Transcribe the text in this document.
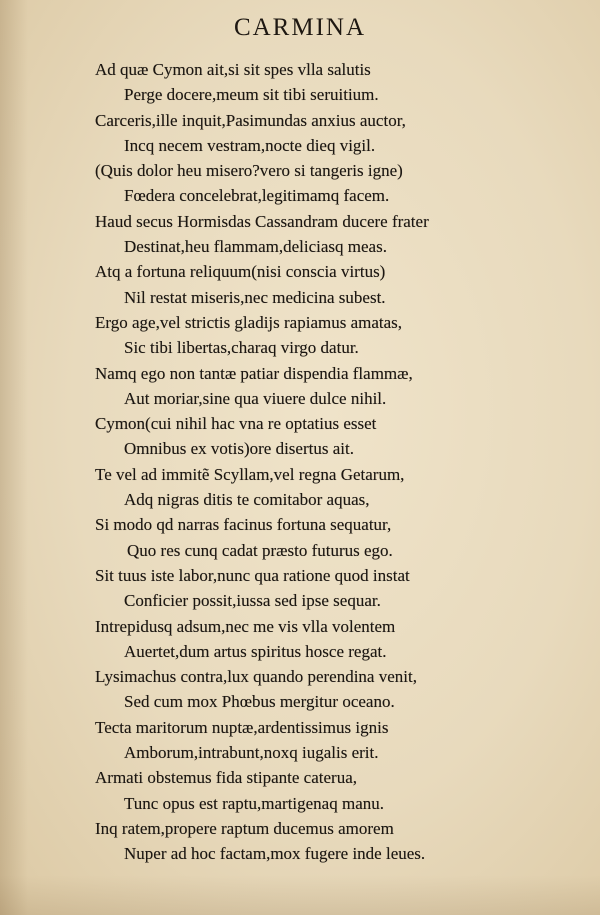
CARMINA
Ad quæ Cymon ait,si sit spes vlla salutis
Perge docere,meum sit tibi seruitium.
Carceris,ille inquit,Pasimundas anxius auctor,
Incq necem vestram,nocte dieq vigil.
(Quis dolor heu misero?vero si tangeris igne)
Fœdera concelebrat,legitimamq facem.
Haud secus Hormisdas Cassandram ducere frater
Destinat,heu flammam,deliciasq meas.
Atq a fortuna reliquum(nisi conscia virtus)
Nil restat miseris,nec medicina subest.
Ergo age,vel strictis gladijs rapiamus amatas,
Sic tibi libertas,charaq virgo datur.
Namq ego non tantæ patiar dispendia flammæ,
Aut moriar,sine qua viuere dulce nihil.
Cymon(cui nihil hac vna re optatius esset
Omnibus ex votis)ore disertus ait.
Te vel ad immitẽ Scyllam,vel regna Getarum,
Adq nigras ditis te comitabor aquas,
Si modo qd narras facinus fortuna sequatur,
Quo res cunq cadat præsto futurus ego.
Sit tuus iste labor,nunc qua ratione quod instat
Conficier possit,iussa sed ipse sequar.
Intrepidusq adsum,nec me vis vlla volentem
Auertet,dum artus spiritus hosce regat.
Lysimachus contra,lux quando perendina venit,
Sed cum mox Phœbus mergitur oceano.
Tecta maritorum nuptæ,ardentissimus ignis
Amborum,intrabunt,noxq iugalis erit.
Armati obstemus fida stipante caterua,
Tunc opus est raptu,martigenaq manu.
Inq ratem,propere raptum ducemus amorem
Nuper ad hoc factam,mox fugere inde leues.
